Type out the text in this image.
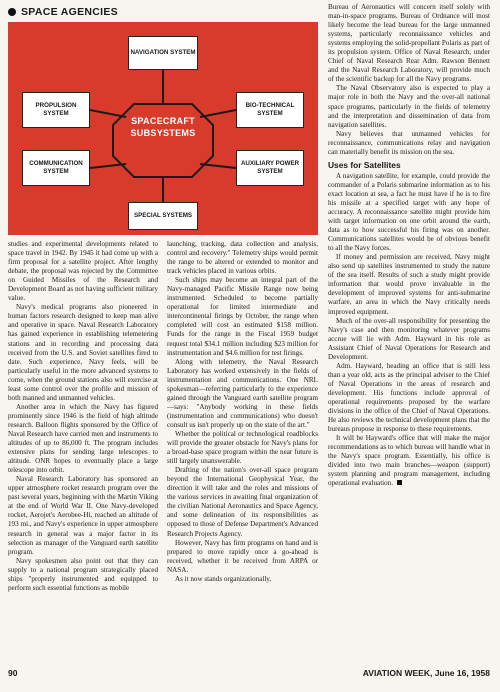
SPACE AGENCIES
NAVIGATION SYSTEM
PROPULSION SYSTEM
BIO-TECHNICAL SYSTEM
COMMUNICATION SYSTEM
AUXILIARY POWER SYSTEM
SPECIAL SYSTEMS
SPACECRAFT SUBSYSTEMS

studies and experimental developments related to space travel in 1942. By 1945 it had come up with a firm proposal for a satellite project. After lengthy debate, the proposal was rejected by the Committee on Guided Missiles of the Research and Development Board as not having sufficient military value.

Navy's medical programs also pioneered in human factors research designed to keep man alive and operative in space. Naval Research Laboratory has gained experience in establishing telemetering stations and in recording and processing data received from the U.S. and Soviet satellites fired to date. Such experience, Navy feels, will be particularly useful in the more advanced systems to come, when the ground stations also will exercise at least some control over the profile and mission of both manned and unmanned vehicles.

Another area in which the Navy has figured prominently since 1946 is the field of high altitude research. Balloon flights sponsored by the Office of Naval Research have carried men and instruments to altitudes of up to 86,000 ft. The program includes extensive plans for sending large telescopes to altitude. ONR hopes to eventually place a large telescope into orbit.

Naval Research Laboratory has sponsored an upper atmosphere rocket research program over the past several years, beginning with the Martin Viking at the end of World War II. One Navy-developed rocket, Aerojet's Aerobee-Hi, reached an altitude of 193 mi., and Navy's experience in upper atmosphere research in general was a major factor in its selection as manager of the Vanguard earth satellite program.

Navy spokesmen also point out that they can supply to a national program strategically placed ships "properly instrumented and equipped to perform such essential functions as mobile

launching, tracking, data collection and analysis, control and recovery." Telemetry ships would permit the range to be altered or extended to monitor and track vehicles placed in various orbits.

Such ships may become an integral part of the Navy-managed Pacific Missile Range now being instrumented. Scheduled to become partially operational for limited intermediate and intercontinental firings by October, the range when completed will cost an estimated $158 million. Funds for the range in the Fiscal 1959 budget request total $34.1 million including $23 million for instrumentation and $4.6 million for test firings.

Along with telemetry, the Naval Research Laboratory has worked extensively in the fields of instrumentation and communications. One NRL spokesman—referring particularly to the experience gained through the Vanguard earth satellite program—says: "Anybody working in these fields (instrumentation and communications) who doesn't consult us isn't properly up on the state of the art."

Whether the political or technological roadblocks will provide the greater obstacle for Navy's plans for a broad-base space program within the near future is still largely unanswerable.

Drafting of the nation's over-all space program beyond the International Geophysical Year, the direction it will take and the roles and missions of the various services in awaiting final organization of the civilian National Aeronautics and Space Agency, and some delineation of its responsibilities as opposed to those of Defense Department's Advanced Research Projects Agency.

However, Navy has firm programs on hand and is prepared to move rapidly once a go-ahead is received, whether it be received from ARPA or NASA.

As it now stands organizationally,

Bureau of Aeronautics will concern itself solely with man-in-space programs. Bureau of Ordnance will most likely become the lead bureau for the large unmanned systems, particularly reconnaissance vehicles and systems employing the solid-propellant Polaris as part of its propulsion system. Office of Naval Research, under Chief of Naval Research Rear Adm. Rawson Bennett and the Naval Research Laboratory, will provide much of the scientific backup for all the Navy programs.

The Naval Observatory also is expected to play a major role in both the Navy and the over-all national space programs, particularly in the fields of telemetry and the interpretation and dissemination of data from navigation satellites.

Navy believes that unmanned vehicles for reconnaissance, communications relay and navigation can materially benefit its mission on the sea.

Uses for Satellites

A navigation satellite, for example, could provide the commander of a Polaris submarine information as to his exact location at sea, a fact he must have if he is to fire his missile at a specified target with any hope of accuracy. A reconnaissance satellite might provide him with target information on one orbit around the earth, data as to how successful his firing was on another. Communications satellites would be of obvious benefit to all the Navy forces.

If money and permission are received, Navy might also send up satellites instrumented to study the nature of the sea itself. Results of such a study might provide information that would prove invaluable in the development of improved systems for anti-submarine warfare, an area in which the Navy critically needs improved equipment.

Much of the over-all responsibility for presenting the Navy's case and then monitoring whatever programs accrue will lie with Adm. Hayward in his role as Assistant Chief of Naval Operations for Research and Development.

Adm. Hayward, heading an office that is still less than a year old, acts as the principal adviser to the Chief of Naval Operations in the areas of research and development. His functions include approval of operational requirements proposed by the warfare divisions in the office of the Chief of Naval Operations. He also reviews the technical development plans that the bureaus propose in response to these requirements.

It will be Hayward's office that will make the major recommendations as to which bureau will handle what in the Navy's space program. Essentially, his office is divided into two main branches—weapon (support) system planning and program management, including operational evaluation.

90	AVIATION WEEK, June 16, 1958
